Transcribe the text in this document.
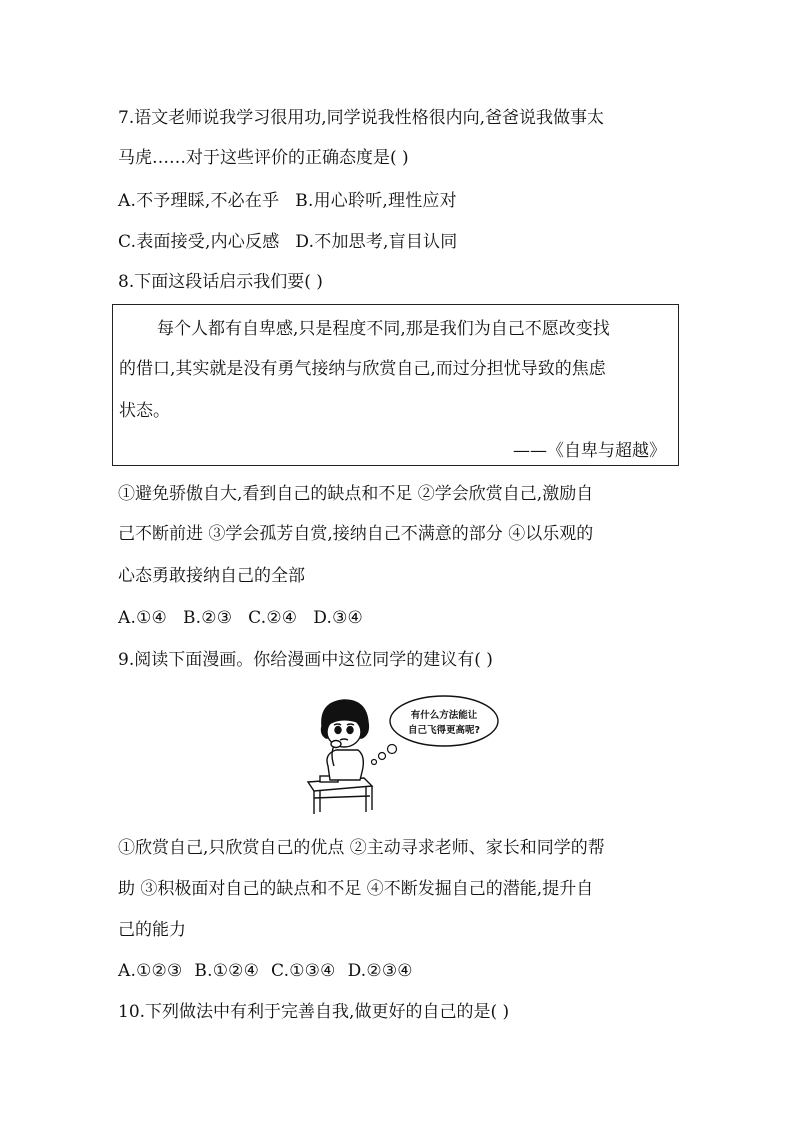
7.语文老师说我学习很用功,同学说我性格很内向,爸爸说我做事太
马虎……对于这些评价的正确态度是( )
A.不予理睬,不必在乎 B.用心聆听,理性应对
C.表面接受,内心反感 D.不加思考,盲目认同
8.下面这段话启示我们要( )
每个人都有自卑感,只是程度不同,那是我们为自己不愿改变找
的借口,其实就是没有勇气接纳与欣赏自己,而过分担忧导致的焦虑
状态。
——《自卑与超越》
①避免骄傲自大,看到自己的缺点和不足 ②学会欣赏自己,激励自
己不断前进 ③学会孤芳自赏,接纳自己不满意的部分 ④以乐观的
心态勇敢接纳自己的全部
A.①④ B.②③ C.②④ D.③④
9.阅读下面漫画。你给漫画中这位同学的建议有( )
有什么方法能让
自己飞得更高呢?
①欣赏自己,只欣赏自己的优点 ②主动寻求老师、家长和同学的帮
助 ③积极面对自己的缺点和不足 ④不断发掘自己的潜能,提升自
己的能力
A.①②③ B.①②④ C.①③④ D.②③④
10.下列做法中有利于完善自我,做更好的自己的是( )
